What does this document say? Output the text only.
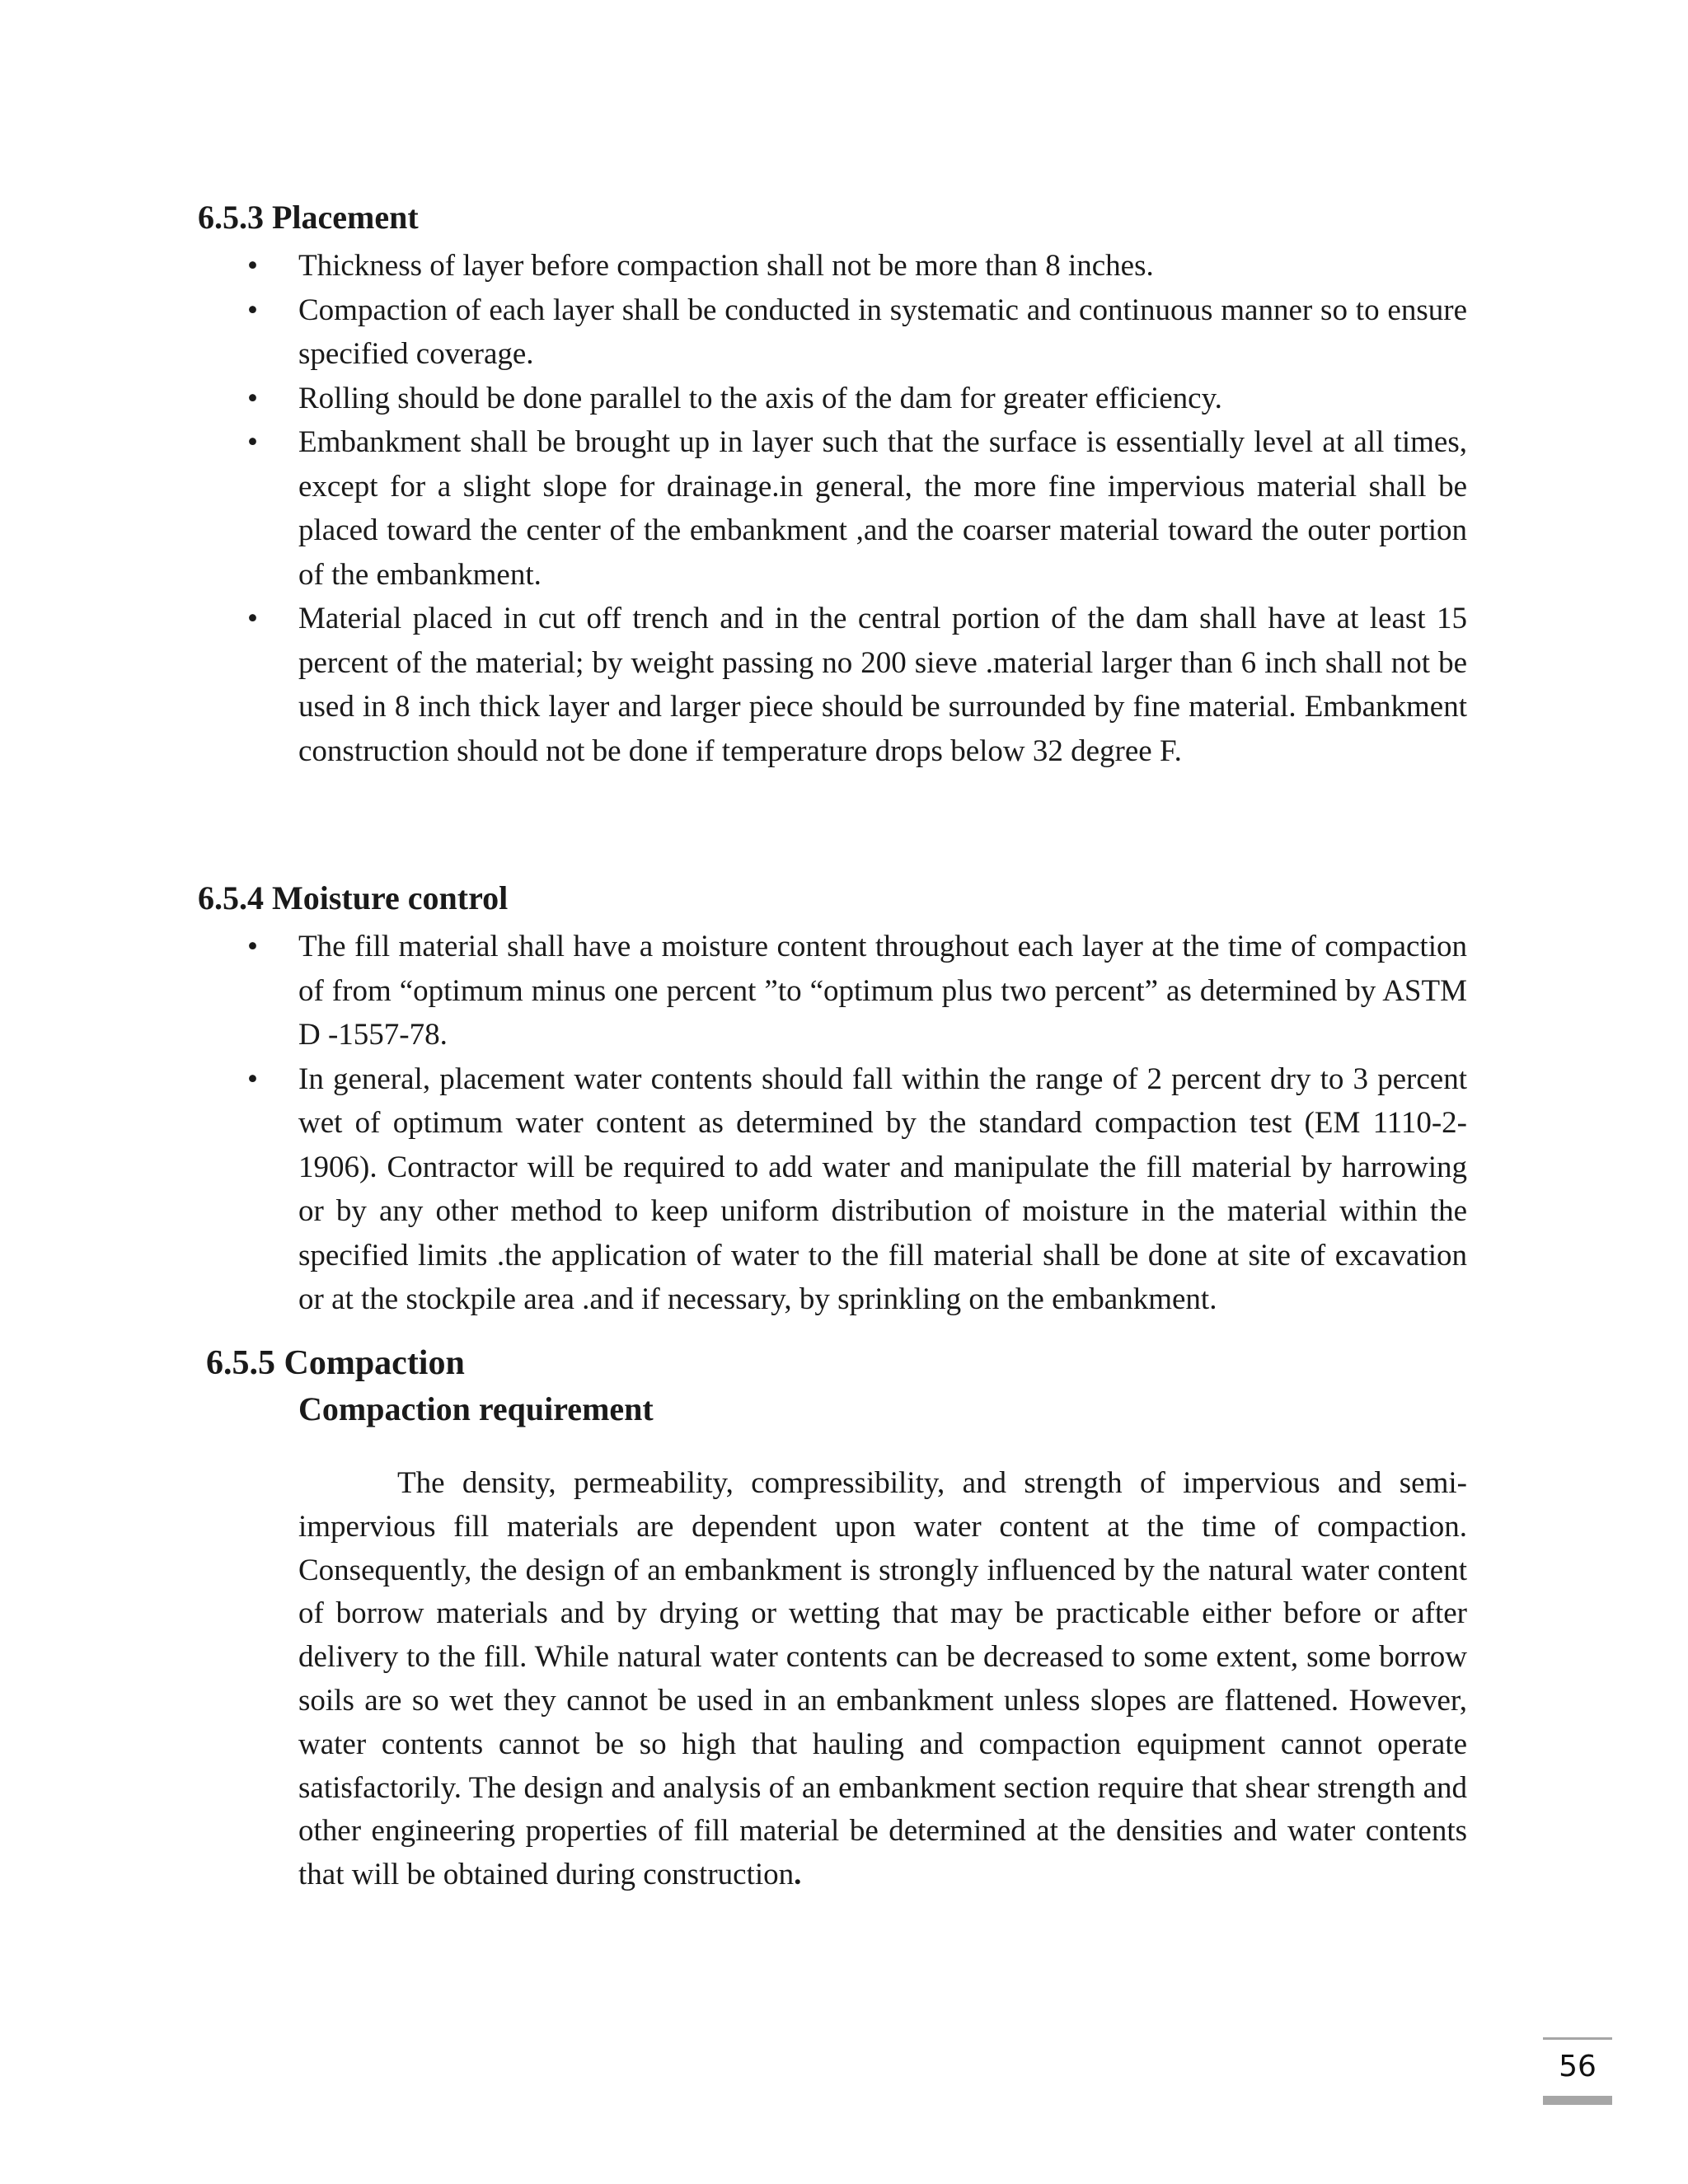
6.5.3 Placement
• Thickness of layer before compaction shall not be more than 8 inches.
• Compaction of each layer shall be conducted in systematic and continuous manner so to ensure specified coverage.
• Rolling should be done parallel to the axis of the dam for greater efficiency.
• Embankment shall be brought up in layer such that the surface is essentially level at all times, except for a slight slope for drainage.in general, the more fine impervious material shall be placed toward the center of the embankment ,and the coarser material toward the outer portion of the embankment.
• Material placed in cut off trench and in the central portion of the dam shall have at least 15 percent of the material; by weight passing no 200 sieve .material larger than 6 inch shall not be used in 8 inch thick layer and larger piece should be surrounded by fine material. Embankment construction should not be done if temperature drops below 32 degree F.
6.5.4 Moisture control
• The fill material shall have a moisture content throughout each layer at the time of compaction of from “optimum minus one percent ”to “optimum plus two percent” as determined by ASTM D -1557-78.
• In general, placement water contents should fall within the range of 2 percent dry to 3 percent wet of optimum water content as determined by the standard compaction test (EM 1110-2-1906). Contractor will be required to add water and manipulate the fill material by harrowing or by any other method to keep uniform distribution of moisture in the material within the specified limits .the application of water to the fill material shall be done at site of excavation or at the stockpile area .and if necessary, by sprinkling on the embankment.
6.5.5 Compaction
Compaction requirement

The density, permeability, compressibility, and strength of impervious and semi-impervious fill materials are dependent upon water content at the time of compaction. Consequently, the design of an embankment is strongly influenced by the natural water content of borrow materials and by drying or wetting that may be practicable either before or after delivery to the fill. While natural water contents can be decreased to some extent, some borrow soils are so wet they cannot be used in an embankment unless slopes are flattened. However, water contents cannot be so high that hauling and compaction equipment cannot operate satisfactorily. The design and analysis of an embankment section require that shear strength and other engineering properties of fill material be determined at the densities and water contents that will be obtained during construction.

56
